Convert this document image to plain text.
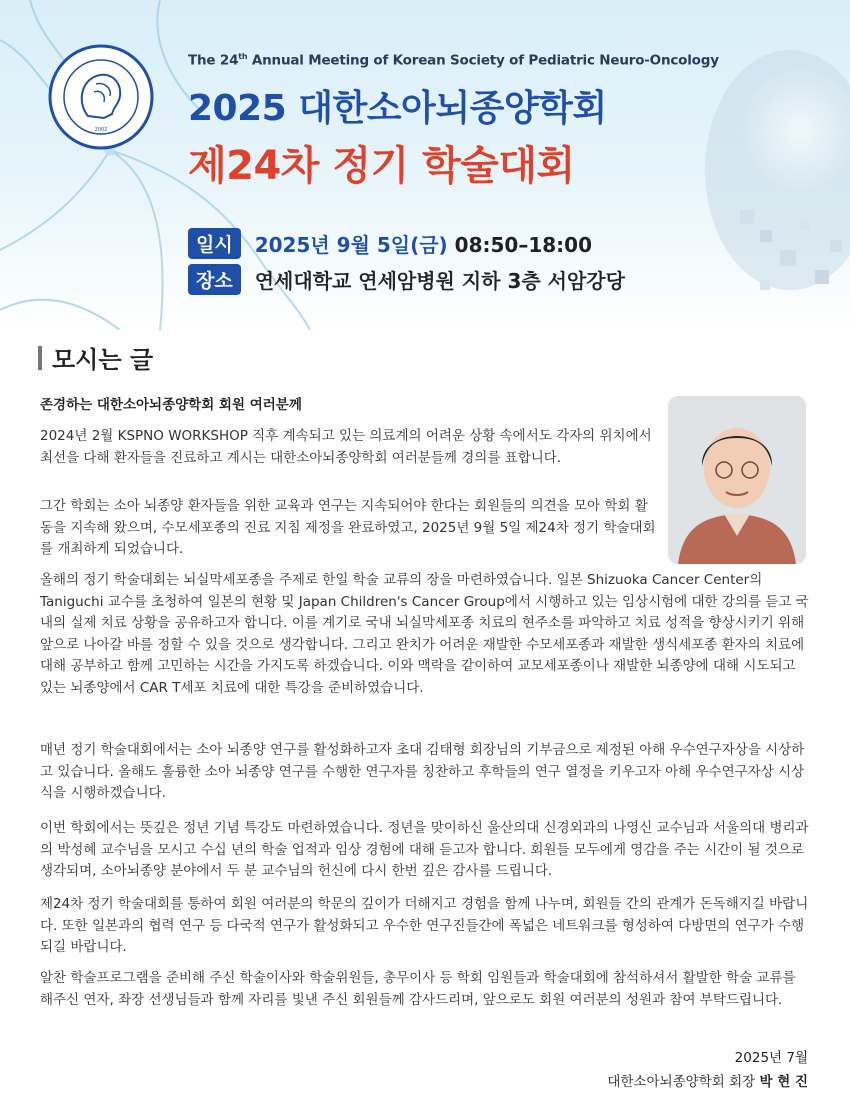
2002
The 24th Annual Meeting of Korean Society of Pediatric Neuro-Oncology
2025 대한소아뇌종양학회
제24차 정기 학술대회
일시	2025년 9월 5일(금) 08:50–18:00
장소	연세대학교 연세암병원 지하 3층 서암강당
모시는 글
존경하는 대한소아뇌종양학회 회원 여러분께

2024년 2월 KSPNO WORKSHOP 직후 계속되고 있는 의료계의 어려운 상황 속에서도 각자의 위치에서 최선을 다해 환자들을 진료하고 계시는 대한소아뇌종양학회 여러분들께 경의를 표합니다.

그간 학회는 소아 뇌종양 환자들을 위한 교육과 연구는 지속되어야 한다는 회원들의 의견을 모아 학회 활동을 지속해 왔으며, 수모세포종의 진료 지침 제정을 완료하였고, 2025년 9월 5일 제24차 정기 학술대회를 개최하게 되었습니다.

올해의 정기 학술대회는 뇌실막세포종을 주제로 한일 학술 교류의 장을 마련하였습니다. 일본 Shizuoka Cancer Center의 Taniguchi 교수를 초청하여 일본의 현황 및 Japan Children's Cancer Group에서 시행하고 있는 임상시험에 대한 강의를 듣고 국내의 실제 치료 상황을 공유하고자 합니다. 이를 계기로 국내 뇌실막세포종 치료의 현주소를 파악하고 치료 성적을 향상시키기 위해 앞으로 나아갈 바를 정할 수 있을 것으로 생각합니다. 그리고 완치가 어려운 재발한 수모세포종과 재발한 생식세포종 환자의 치료에 대해 공부하고 함께 고민하는 시간을 가지도록 하겠습니다. 이와 맥락을 같이하여 교모세포종이나 재발한 뇌종양에 대해 시도되고 있는 뇌종양에서 CAR T세포 치료에 대한 특강을 준비하였습니다.

매년 정기 학술대회에서는 소아 뇌종양 연구를 활성화하고자 초대 김태형 회장님의 기부금으로 제정된 아해 우수연구자상을 시상하고 있습니다. 올해도 훌륭한 소아 뇌종양 연구를 수행한 연구자를 칭찬하고 후학들의 연구 열정을 키우고자 아해 우수연구자상 시상식을 시행하겠습니다.

이번 학회에서는 뜻깊은 정년 기념 특강도 마련하였습니다. 정년을 맞이하신 울산의대 신경외과의 나영신 교수님과 서울의대 병리과의 박성혜 교수님을 모시고 수십 년의 학술 업적과 임상 경험에 대해 듣고자 합니다. 회원들 모두에게 영감을 주는 시간이 될 것으로 생각되며, 소아뇌종양 분야에서 두 분 교수님의 헌신에 다시 한번 깊은 감사를 드립니다.

제24차 정기 학술대회를 통하여 회원 여러분의 학문의 깊이가 더해지고 경험을 함께 나누며, 회원들 간의 관계가 돈독해지길 바랍니다. 또한 일본과의 협력 연구 등 다국적 연구가 활성화되고 우수한 연구진들간에 폭넓은 네트워크를 형성하여 다방면의 연구가 수행되길 바랍니다.

알찬 학술프로그램을 준비해 주신 학술이사와 학술위원들, 총무이사 등 학회 임원들과 학술대회에 참석하셔서 활발한 학술 교류를 해주신 연자, 좌장 선생님들과 함께 자리를 빛낸 주신 회원들께 감사드리며, 앞으로도 회원 여러분의 성원과 참여 부탁드립니다.

2025년 7월
대한소아뇌종양학회 회장 박 현 진
